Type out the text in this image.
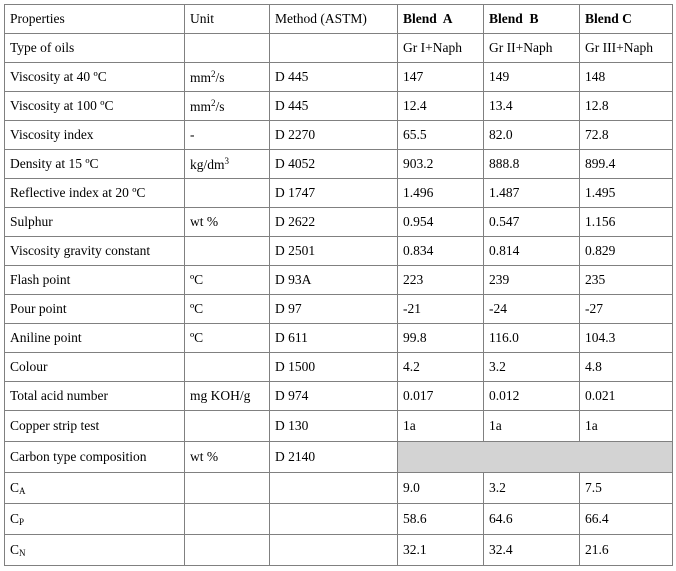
Properties	Unit	Method (ASTM)	Blend  A	Blend  B	Blend C
Type of oils			Gr I+Naph	Gr II+Naph	Gr III+Naph
Viscosity at 40 ºC	$mm^2/s$	D 445	147	149	148
Viscosity at 100 ºC	$mm^2/s$	D 445	12.4	13.4	12.8
Viscosity index	-	D 2270	65.5	82.0	72.8
Density at 15 ºC	$kg/dm^3$	D 4052	903.2	888.8	899.4
Reflective index at 20 ºC		D 1747	1.496	1.487	1.495
Sulphur	wt %	D 2622	0.954	0.547	1.156
Viscosity gravity constant		D 2501	0.834	0.814	0.829
Flash point	ºC	D 93A	223	239	235
Pour point	ºC	D 97	-21	-24	-27
Aniline point	ºC	D 611	99.8	116.0	104.3
Colour		D 1500	4.2	3.2	4.8
Total acid number	mg KOH/g	D 974	0.017	0.012	0.021
Copper strip test		D 130	1a	1a	1a
Carbon type composition	wt %	D 2140			
$C_A$			9.0	3.2	7.5
$C_P$			58.6	64.6	66.4
$C_N$			32.1	32.4	21.6
